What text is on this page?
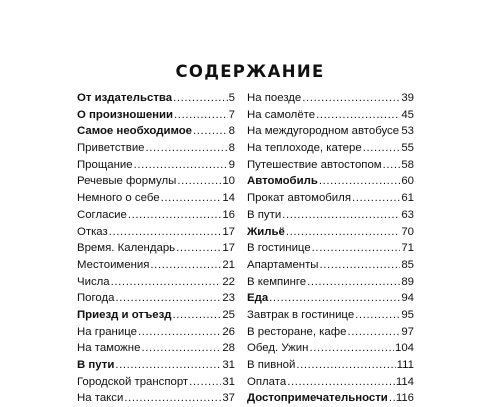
СОДЕРЖАНИЕ
От издательства .....	5
О произношении .....	7
Самое необходимое .....	8
Приветствие .....	8
Прощание .....	9
Речевые формулы .....	10
Немного о себе .....	14
Согласие .....	16
Отказ .....	17
Время. Календарь .....	17
Местоимения .....	21
Числа .....	22
Погода .....	23
Приезд и отъезд .....	25
На границе .....	26
На таможне .....	28
В пути .....	31
Городской транспорт .....	31
На такси .....	37
На поезде .....	39
На самолёте .....	45
На междугородном автобусе ..... 53
На теплоходе, катере .....	55
Путешествие автостопом ..... 58
Автомобиль .....	60
Прокат автомобиля .....	61
В пути .....	63
Жильё .....	70
В гостинице .....	71
Апартаменты .....	85
В кемпинге .....	89
Еда .....	94
Завтрак в гостинице .....	95
В ресторане, кафе .....	97
Обед. Ужин .....	104
В пивной .....	111
Оплата .....	114
Достопримечательности ..... 116
